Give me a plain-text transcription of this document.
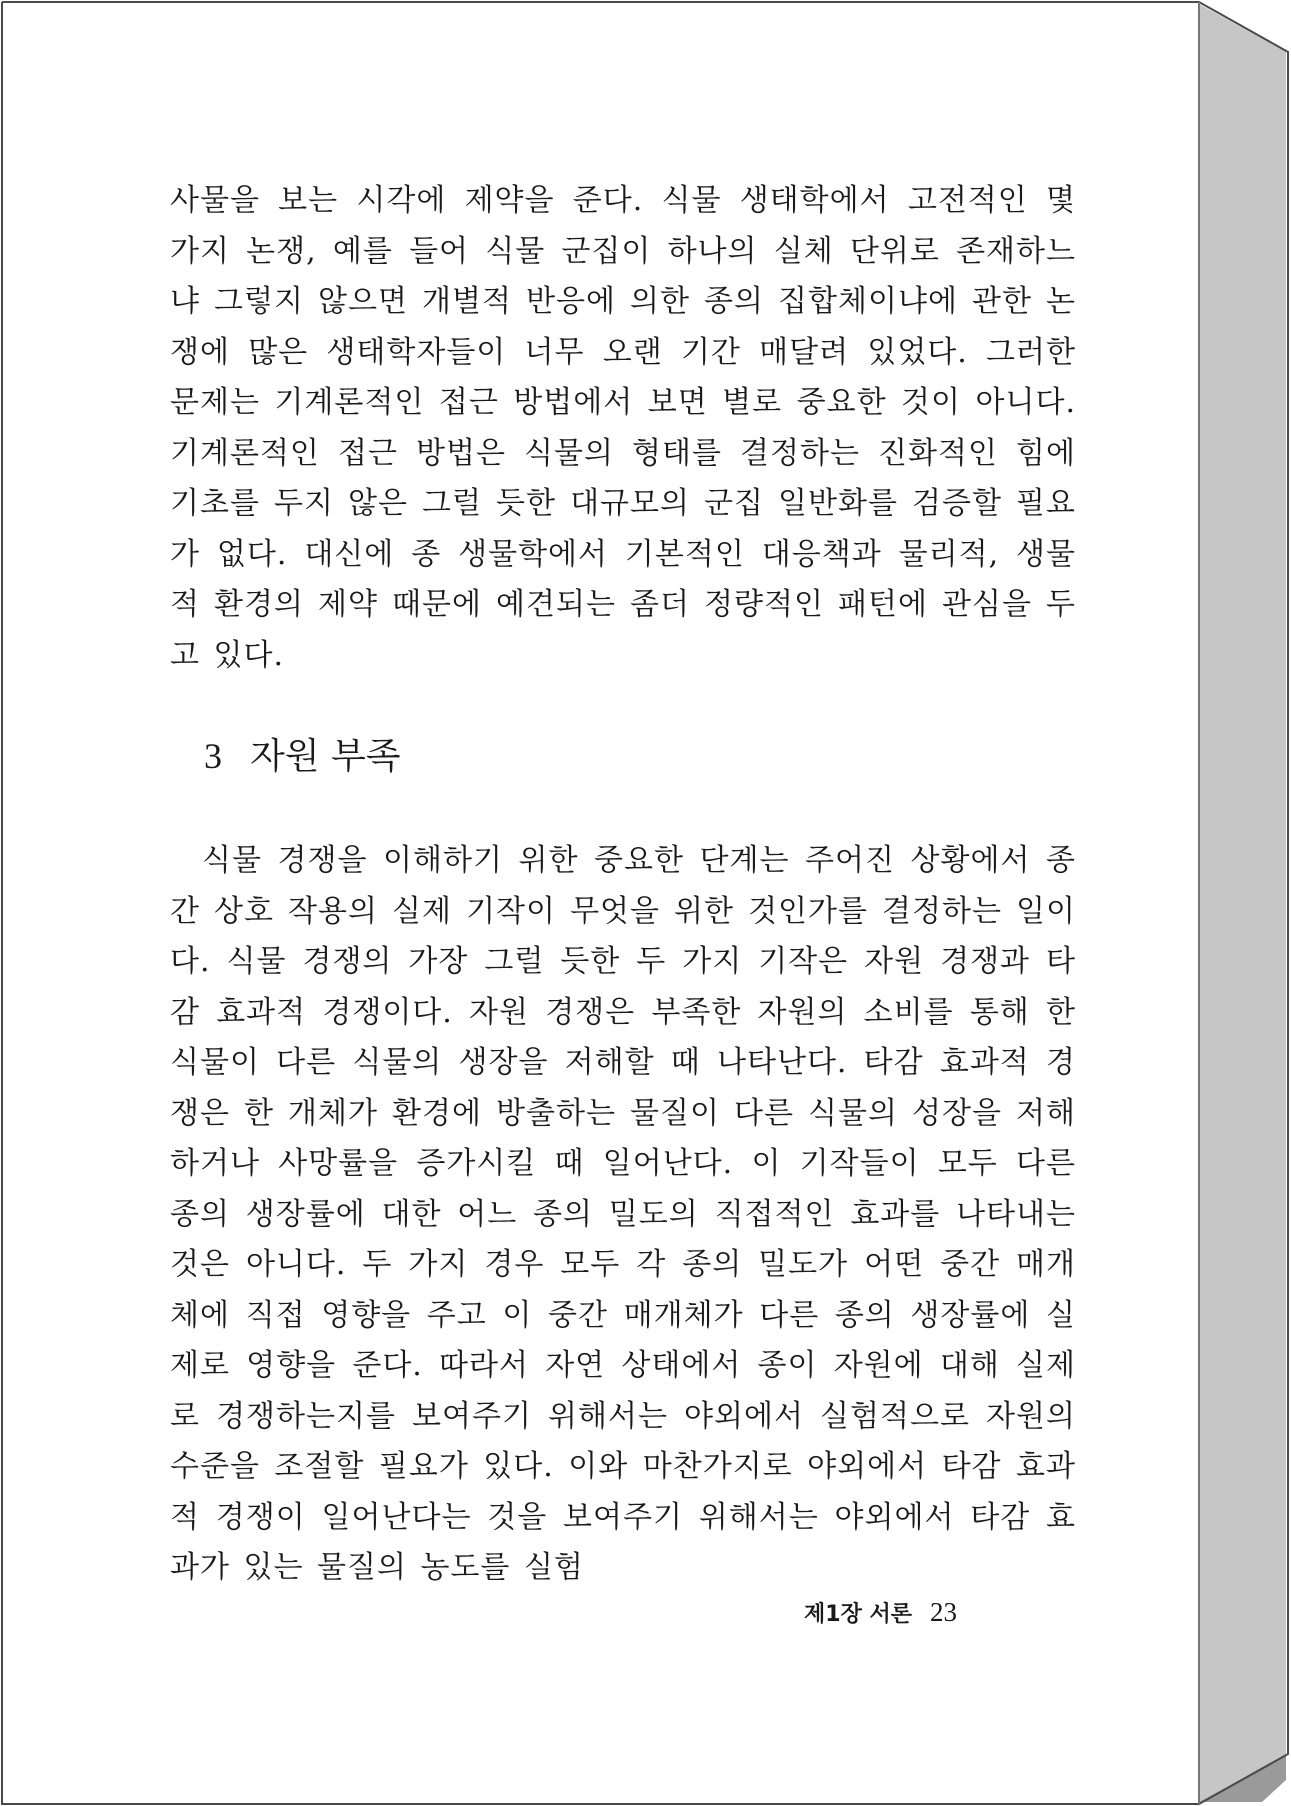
사물을 보는 시각에 제약을 준다. 식물 생태학에서 고전적인 몇 가지 논쟁, 예를 들어 식물 군집이 하나의 실체 단위로 존재하느냐 그렇지 않으면 개별적 반응에 의한 종의 집합체이냐에 관한 논쟁에 많은 생태학자들이 너무 오랜 기간 매달려 있었다. 그러한 문제는 기계론적인 접근 방법에서 보면 별로 중요한 것이 아니다. 기계론적인 접근 방법은 식물의 형태를 결정하는 진화적인 힘에 기초를 두지 않은 그럴 듯한 대규모의 군집 일반화를 검증할 필요가 없다. 대신에 종 생물학에서 기본적인 대응책과 물리적, 생물적 환경의 제약 때문에 예견되는 좀더 정량적인 패턴에 관심을 두고 있다.

3 자원 부족

식물 경쟁을 이해하기 위한 중요한 단계는 주어진 상황에서 종간 상호 작용의 실제 기작이 무엇을 위한 것인가를 결정하는 일이다. 식물 경쟁의 가장 그럴 듯한 두 가지 기작은 자원 경쟁과 타감 효과적 경쟁이다. 자원 경쟁은 부족한 자원의 소비를 통해 한 식물이 다른 식물의 생장을 저해할 때 나타난다. 타감 효과적 경쟁은 한 개체가 환경에 방출하는 물질이 다른 식물의 성장을 저해하거나 사망률을 증가시킬 때 일어난다. 이 기작들이 모두 다른 종의 생장률에 대한 어느 종의 밀도의 직접적인 효과를 나타내는 것은 아니다. 두 가지 경우 모두 각 종의 밀도가 어떤 중간 매개체에 직접 영향을 주고 이 중간 매개체가 다른 종의 생장률에 실제로 영향을 준다. 따라서 자연 상태에서 종이 자원에 대해 실제로 경쟁하는지를 보여주기 위해서는 야외에서 실험적으로 자원의 수준을 조절할 필요가 있다. 이와 마찬가지로 야외에서 타감 효과적 경쟁이 일어난다는 것을 보여주기 위해서는 야외에서 타감 효과가 있는 물질의 농도를 실험

제1장 서론 23
